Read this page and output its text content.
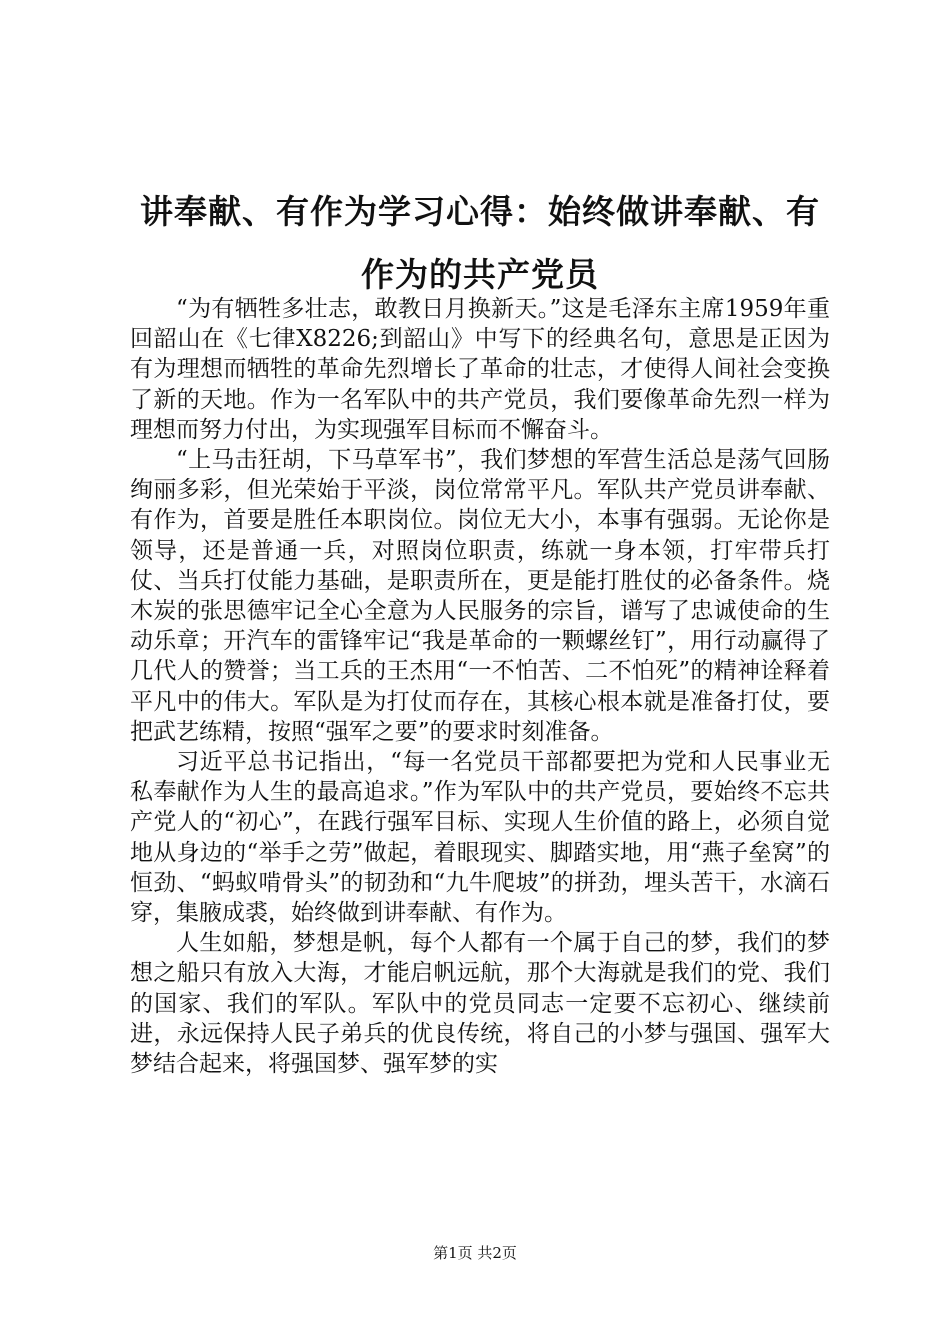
讲奉献、有作为学习心得：始终做讲奉献、有
作为的共产党员

“为有牺牲多壮志，敢教日月换新天。”这是毛泽东主席1959年重回韶山在《七律X8226;到韶山》中写下的经典名句，意思是正因为有为理想而牺牲的革命先烈增长了革命的壮志，才使得人间社会变换了新的天地。作为一名军队中的共产党员，我们要像革命先烈一样为理想而努力付出，为实现强军目标而不懈奋斗。

“上马击狂胡，下马草军书”，我们梦想的军营生活总是荡气回肠绚丽多彩，但光荣始于平淡，岗位常常平凡。军队共产党员讲奉献、有作为，首要是胜任本职岗位。岗位无大小，本事有强弱。无论你是领导，还是普通一兵，对照岗位职责，练就一身本领，打牢带兵打仗、当兵打仗能力基础，是职责所在，更是能打胜仗的必备条件。烧木炭的张思德牢记全心全意为人民服务的宗旨，谱写了忠诚使命的生动乐章；开汽车的雷锋牢记“我是革命的一颗螺丝钉”，用行动赢得了几代人的赞誉；当工兵的王杰用“一不怕苦、二不怕死”的精神诠释着平凡中的伟大。军队是为打仗而存在，其核心根本就是准备打仗，要把武艺练精，按照“强军之要”的要求时刻准备。

习近平总书记指出，“每一名党员干部都要把为党和人民事业无私奉献作为人生的最高追求。”作为军队中的共产党员，要始终不忘共产党人的“初心”，在践行强军目标、实现人生价值的路上，必须自觉地从身边的“举手之劳”做起，着眼现实、脚踏实地，用“燕子垒窝”的恒劲、“蚂蚁啃骨头”的韧劲和“九牛爬坡”的拼劲，埋头苦干，水滴石穿，集腋成裘，始终做到讲奉献、有作为。

人生如船，梦想是帆，每个人都有一个属于自己的梦，我们的梦想之船只有放入大海，才能启帆远航，那个大海就是我们的党、我们的国家、我们的军队。军队中的党员同志一定要不忘初心、继续前进，永远保持人民子弟兵的优良传统，将自己的小梦与强国、强军大梦结合起来，将强国梦、强军梦的实

第1页 共2页
